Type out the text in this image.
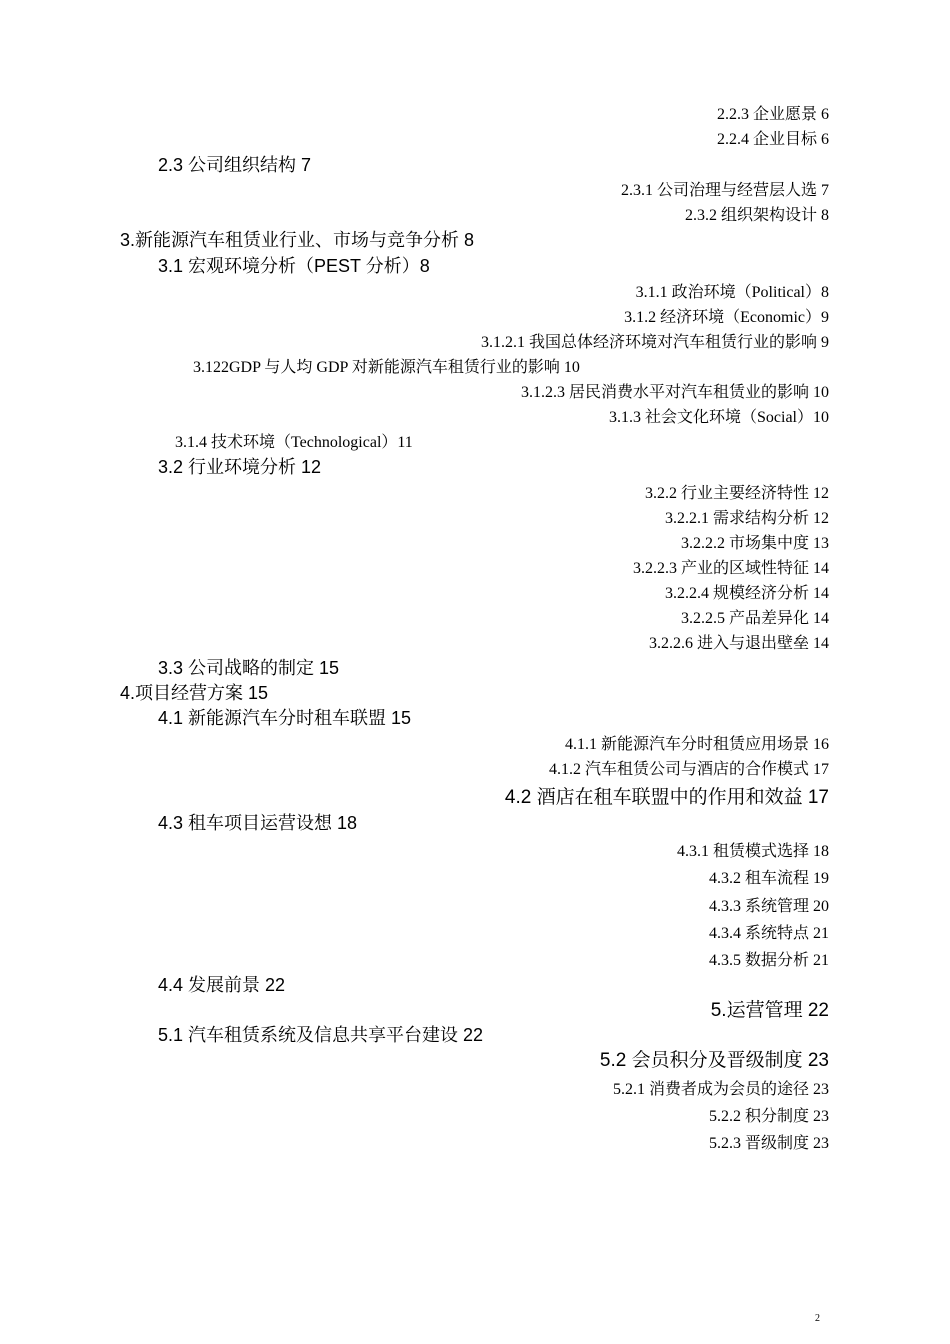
2.2.3 企业愿景 6
2.2.4 企业目标 6
2.3 公司组织结构 7
2.3.1 公司治理与经营层人选 7
2.3.2 组织架构设计 8
3.新能源汽车租赁业行业、市场与竞争分析 8
3.1 宏观环境分析（PEST 分析）8
3.1.1 政治环境（Political）8
3.1.2 经济环境（Economic）9
3.1.2.1 我国总体经济环境对汽车租赁行业的影响 9
3.122GDP 与人均 GDP 对新能源汽车租赁行业的影响 10
3.1.2.3 居民消费水平对汽车租赁业的影响 10
3.1.3 社会文化环境（Social）10
3.1.4 技术环境（Technological）11
3.2 行业环境分析 12
3.2.2 行业主要经济特性 12
3.2.2.1 需求结构分析 12
3.2.2.2 市场集中度 13
3.2.2.3 产业的区域性特征 14
3.2.2.4 规模经济分析 14
3.2.2.5 产品差异化 14
3.2.2.6 进入与退出壁垒 14
3.3 公司战略的制定 15
4.项目经营方案 15
4.1 新能源汽车分时租车联盟 15
4.1.1 新能源汽车分时租赁应用场景 16
4.1.2 汽车租赁公司与酒店的合作模式 17
4.2 酒店在租车联盟中的作用和效益 17
4.3 租车项目运营设想 18
4.3.1 租赁模式选择 18
4.3.2 租车流程 19
4.3.3 系统管理 20
4.3.4 系统特点 21
4.3.5 数据分析 21
4.4 发展前景 22
5.运营管理 22
5.1 汽车租赁系统及信息共享平台建设 22
5.2 会员积分及晋级制度 23
5.2.1 消费者成为会员的途径 23
5.2.2 积分制度 23
5.2.3 晋级制度 23
2
